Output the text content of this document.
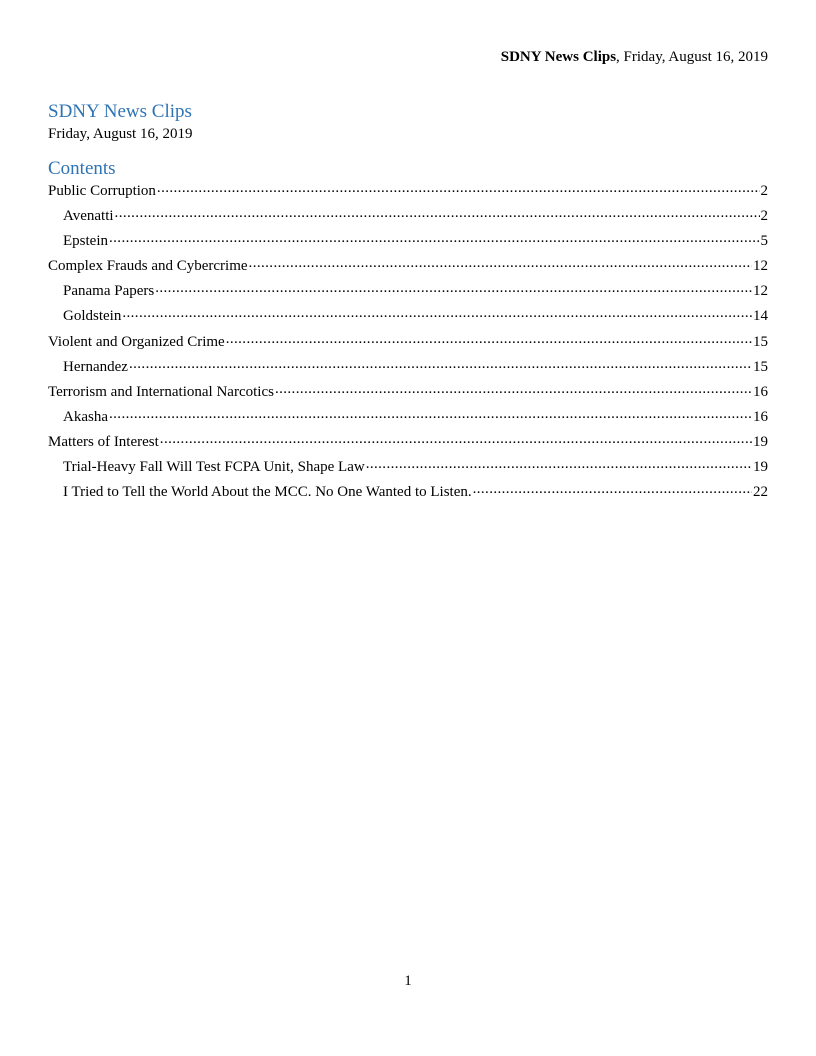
SDNY News Clips, Friday, August 16, 2019
SDNY News Clips
Friday, August 16, 2019
Contents
Public Corruption .....	2
Avenatti .....	2
Epstein .....	5
Complex Frauds and Cybercrime .....	12
Panama Papers .....	12
Goldstein .....	14
Violent and Organized Crime .....	15
Hernandez .....	15
Terrorism and International Narcotics .....	16
Akasha .....	16
Matters of Interest .....	19
Trial-Heavy Fall Will Test FCPA Unit, Shape Law .....	19
I Tried to Tell the World About the MCC. No One Wanted to Listen. .....	22
1
